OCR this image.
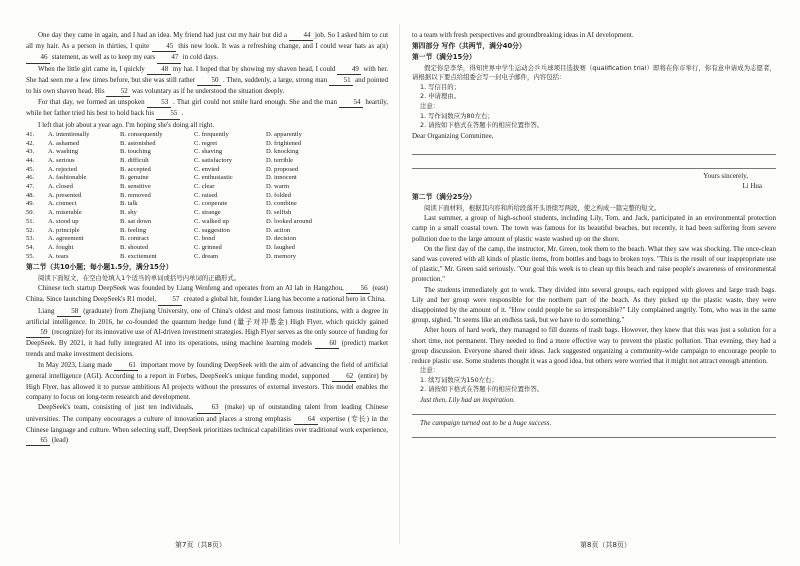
One day they came in again, and I had an idea. My friend had just cut my hair but did a 44 job. So I asked him to cut all my hair. As a person in thirties, I quite 45 this new look. It was a refreshing change, and I could wear hats as a(n) 46 statement, as well as to keep my ears 47 in cold days.

When the little girl came in, I quickly 48 my hat. I hoped that by showing my shaven head, I could 49 with her. She had seen me a few times before, but she was still rather 50 . Then, suddenly, a large, strong man 51 and pointed to his own shaven head. His 52 was voluntary as if he understood the situation deeply.

For that day, we formed an unspoken 53 . That girl could not smile hard enough. She and the man 54 heartily, while her father tried his best to hold back his 55 .

I left that job about a year ago. I'm hoping she's doing all right.

41.	A. intentionally	B. consequently	C. frequently	D. apparently
42.	A. ashamed	B. astonished	C. regret	D. frightened
43.	A. washing	B. touching	C. shaving	D. knocking
44.	A. serious	B. difficult	C. satisfactory	D. terrible
45.	A. rejected	B. accepted	C. envied	D. proposed
46.	A. fashionable	B. genuine	C. enthusiastic	D. innocent
47.	A. closed	B. sensitive	C. clear	D. warm
48.	A. presented	B. removed	C. raised	D. folded
49.	A. connect	B. talk	C. cooperate	D. combine
50.	A. miserable	B. shy	C. strange	D. selfish
51.	A. stood up	B. sat down	C. walked up	D. looked around
52.	A. principle	B. feeling	C. suggestion	D. action
53.	A. agreement	B. contract	C. bond	D. decision
54.	A. fought	B. shouted	C. grinned	D. laughed
55.	A. tears	B. excitement	C. dream	D. memory
第二节（共10小题；每小题1.5分，满分15分）

阅读下面短文，在空白处填入1个适当的单词或括号内单词的正确形式。

Chinese tech startup DeepSeek was founded by Liang Wenfeng and operates from an AI lab in Hangzhou, 56 (east) China. Since launching DeepSeek's R1 model, 57 created a global hit, founder Liang has become a national hero in China.

Liang 58 (graduate) from Zhejiang University, one of China's oldest and most famous institutions, with a degree in artificial intelligence. In 2016, he co-founded the quantum hedge fund (量子对冲基金) High Flyer, which quickly gained 59 (recognize) for its innovative use of AI-driven investment strategies. High Flyer serves as the only source of funding for DeepSeek. By 2021, it had fully integrated AI into its operations, using machine learning models 60 (predict) market trends and make investment decisions.

In May 2023, Liang made 61 important move by founding DeepSeek with the aim of advancing the field of artificial general intelligence (AGI). According to a report in Forbes, DeepSeek's unique funding model, supported 62 (entire) by High Flyer, has allowed it to pursue ambitious AI projects without the pressures of external investors. This model enables the company to focus on long-term research and development.

DeepSeek's team, consisting of just ten individuals,	63 (make) up of outstanding talent from leading Chinese universities. The company encourages a culture of innovation and places a strong emphasis 64 expertise (专长) in the Chinese language and culture. When selecting staff, DeepSeek prioritizes technical capabilities over traditional work experience, 65 (lead)

第7页（共8页）

to a team with fresh perspectives and groundbreaking ideas in AI development.

第四部分 写作（共两节，满分40分）
第一节（满分15分）

假定你是李华，得知世界中学生运动会乒乓球项目选拔赛（qualification trial）即将在你市举行，你有意申请成为志愿者，请根据以下要点给组委会写一封电子邮件，内容包括：

1. 写信目的；
2. 申请理由。
注意：
1. 写作词数应为80左右；
2. 请按如下格式在答题卡的相应位置作答。
Dear Organizing Committee,
Yours sincerely,
Li Hua
第二节（满分25分）

阅读下面材料，根据其内容和所给段落开头语续写两段，使之构成一篇完整的短文。

Last summer, a group of high-school students, including Lily, Tom, and Jack, participated in an environmental protection camp in a small coastal town. The town was famous for its beautiful beaches, but recently, it had been suffering from severe pollution due to the large amount of plastic waste washed up on the shore.

On the first day of the camp, the instructor, Mr. Green, took them to the beach. What they saw was shocking. The once-clean sand was covered with all kinds of plastic items, from bottles and bags to broken toys. "This is the result of our inappropriate use of plastic," Mr. Green said seriously. "Our goal this week is to clean up this beach and raise people's awareness of environmental protection."

The students immediately got to work. They divided into several groups, each equipped with gloves and large trash bags. Lily and her group were responsible for the northern part of the beach. As they picked up the plastic waste, they were disappointed by the amount of it. "How could people be so irresponsible?" Lily complained angrily. Tom, who was in the same group, sighed, "It seems like an endless task, but we have to do something."

After hours of hard work, they managed to fill dozens of trash bags. However, they knew that this was just a solution for a short time, not permanent. They needed to find a more effective way to prevent the plastic pollution. That evening, they had a group discussion. Everyone shared their ideas. Jack suggested organizing a community-wide campaign to encourage people to reduce plastic use. Some students thought it was a good idea, but others were worried that it might not attract enough attention.

注意：
1. 续写词数应为150左右；
2. 请按如下格式在答题卡的相应位置作答。
Just then, Lily had an inspiration.
The campaign turned out to be a huge success.
第8页（共8页）
